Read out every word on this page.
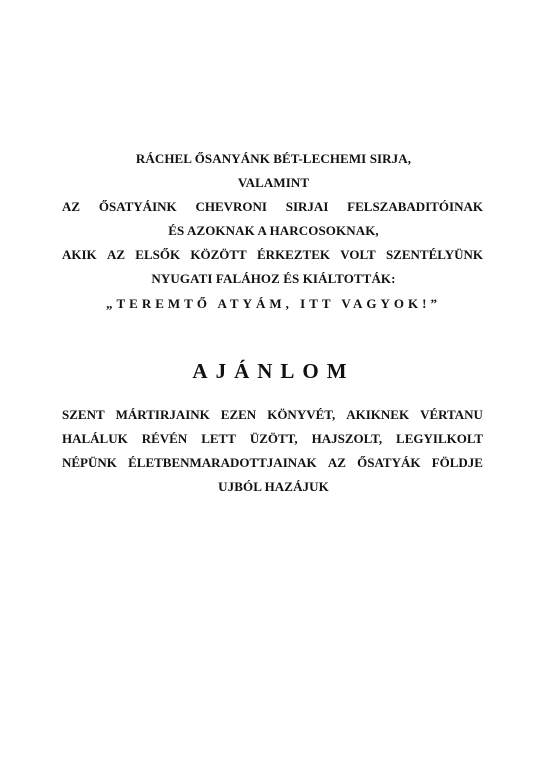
RÁCHEL ŐSANYÁNK BÉT-LECHEMI SIRJA,
VALAMINT
AZ ŐSATYÁINK CHEVRONI SIRJAI FELSZABADITÓINAK
ÉS AZOKNAK A HARCOSOKNAK,
AKIK AZ ELSŐK KÖZÖTT ÉRKEZTEK VOLT SZENTÉLYÜNK
NYUGATI FALÁHOZ ÉS KIÁLTOTTÁK:
„TEREMTŐ ATYÁM, ITT VAGYOK!”
AJÁNLOM
SZENT MÁRTIRJAINK EZEN KÖNYVÉT, AKIKNEK VÉRTANU
HALÁLUK RÉVÉN LETT ÜZÖTT, HAJSZOLT, LEGYILKOLT
NÉPÜNK ÉLETBENMARADOTTJAINAK AZ ŐSATYÁK FÖLDJE
UJBÓL HAZÁJUK
